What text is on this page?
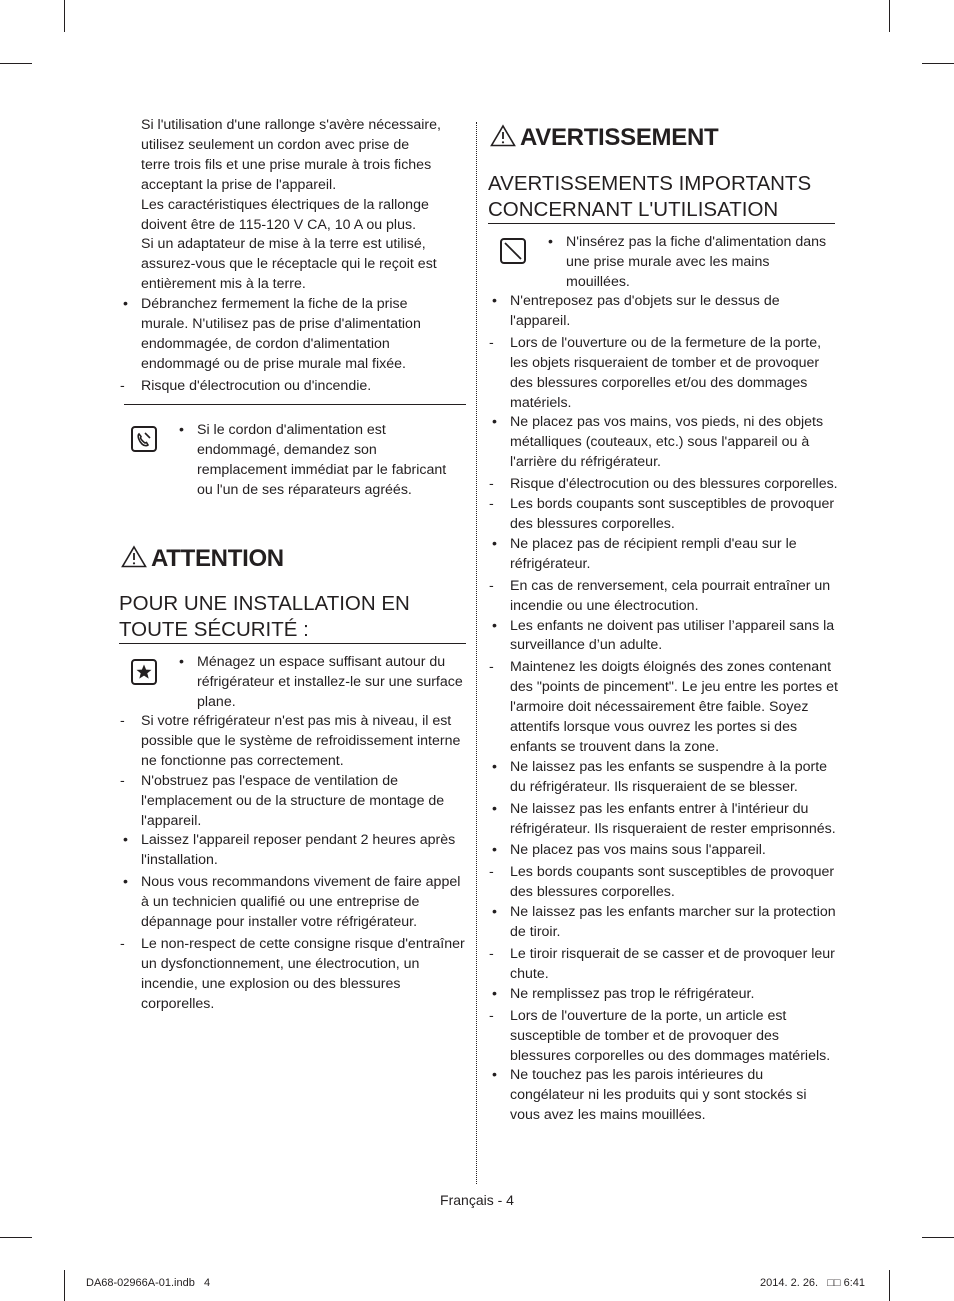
Si l'utilisation d'une rallonge s'avère nécessaire,
utilisez seulement un cordon avec prise de
terre trois fils et une prise murale à trois fiches
acceptant la prise de l'appareil.
Les caractéristiques électriques de la rallonge
doivent être de 115-120 V CA, 10 A ou plus.
Si un adaptateur de mise à la terre est utilisé,
assurez-vous que le réceptacle qui le reçoit est
entièrement mis à la terre.
• Débranchez fermement la fiche de la prise murale. N'utilisez pas de prise d'alimentation endommagée, de cordon d'alimentation endommagé ou de prise murale mal fixée.
- Risque d'électrocution ou d'incendie.
• Si le cordon d'alimentation est endommagé, demandez son remplacement immédiat par le fabricant ou l'un de ses réparateurs agréés.
ATTENTION
POUR UNE INSTALLATION EN
TOUTE SÉCURITÉ :
• Ménagez un espace suffisant autour du réfrigérateur et installez-le sur une surface plane.
- Si votre réfrigérateur n'est pas mis à niveau, il est possible que le système de refroidissement interne ne fonctionne pas correctement.
- N'obstruez pas l'espace de ventilation de l'emplacement ou de la structure de montage de l'appareil.
• Laissez l'appareil reposer pendant 2 heures après l'installation.
• Nous vous recommandons vivement de faire appel à un technicien qualifié ou une entreprise de dépannage pour installer votre réfrigérateur.
- Le non-respect de cette consigne risque d'entraîner un dysfonctionnement, une électrocution, un incendie, une explosion ou des blessures corporelles.
AVERTISSEMENT
AVERTISSEMENTS IMPORTANTS
CONCERNANT L'UTILISATION
• N'insérez pas la fiche d'alimentation dans une prise murale avec les mains mouillées.
• N'entreposez pas d'objets sur le dessus de l'appareil.
- Lors de l'ouverture ou de la fermeture de la porte, les objets risqueraient de tomber et de provoquer des blessures corporelles et/ou des dommages matériels.
• Ne placez pas vos mains, vos pieds, ni des objets métalliques (couteaux, etc.) sous l'appareil ou à l'arrière du réfrigérateur.
- Risque d'électrocution ou des blessures corporelles.
- Les bords coupants sont susceptibles de provoquer des blessures corporelles.
• Ne placez pas de récipient rempli d'eau sur le réfrigérateur.
- En cas de renversement, cela pourrait entraîner un incendie ou une électrocution.
• Les enfants ne doivent pas utiliser l’appareil sans la surveillance d’un adulte.
- Maintenez les doigts éloignés des zones contenant des "points de pincement". Le jeu entre les portes et l'armoire doit nécessairement être faible. Soyez attentifs lorsque vous ouvrez les portes si des enfants se trouvent dans la zone.
• Ne laissez pas les enfants se suspendre à la porte du réfrigérateur. Ils risqueraient de se blesser.
• Ne laissez pas les enfants entrer à l'intérieur du réfrigérateur. Ils risqueraient de rester emprisonnés.
• Ne placez pas vos mains sous l'appareil.
- Les bords coupants sont susceptibles de provoquer des blessures corporelles.
• Ne laissez pas les enfants marcher sur la protection de tiroir.
- Le tiroir risquerait de se casser et de provoquer leur chute.
• Ne remplissez pas trop le réfrigérateur.
- Lors de l'ouverture de la porte, un article est susceptible de tomber et de provoquer des blessures corporelles ou des dommages matériels.
• Ne touchez pas les parois intérieures du congélateur ni les produits qui y sont stockés si vous avez les mains mouillées.
Français - 4
DA68-02966A-01.indb   4	2014. 2. 26.   □□ 6:41
